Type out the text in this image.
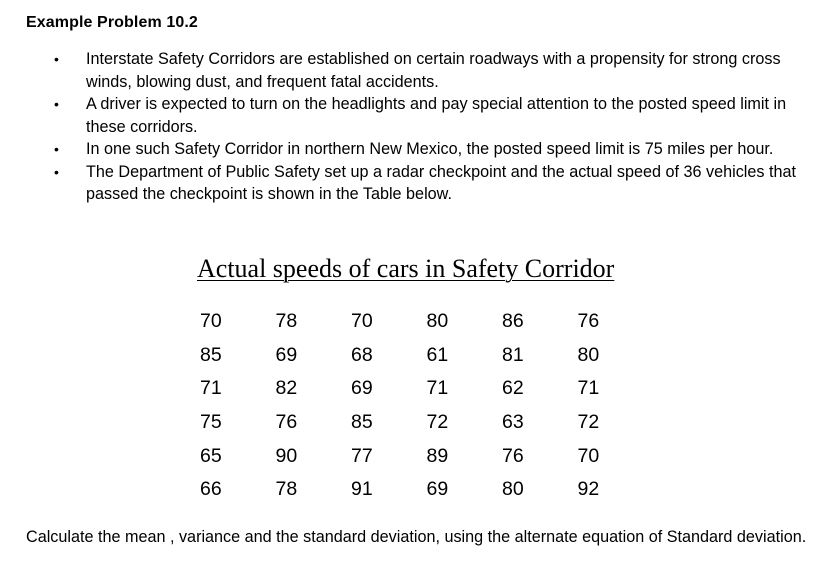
Example Problem 10.2
•	Interstate Safety Corridors are established on certain roadways with a propensity for strong cross winds, blowing dust, and frequent fatal accidents.
•	A driver is expected to turn on the headlights and pay special attention to the posted speed limit in these corridors.
•	In one such Safety Corridor in northern New Mexico, the posted speed limit is 75 miles per hour.
•	The Department of Public Safety set up a radar checkpoint and the actual speed of 36 vehicles that passed the checkpoint is shown in the Table below.
Actual speeds of cars in Safety Corridor
70	78	70	80	86	76
85	69	68	61	81	80
71	82	69	71	62	71
75	76	85	72	63	72
65	90	77	89	76	70
66	78	91	69	80	92
Calculate the mean , variance and the standard deviation, using the alternate equation of Standard deviation.
